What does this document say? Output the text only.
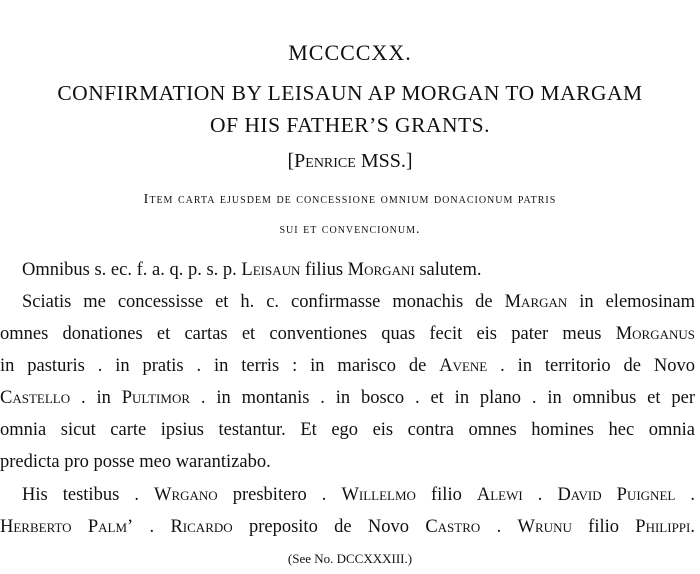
MCCCCXX.
CONFIRMATION BY LEISAUN AP MORGAN TO MARGAM
OF HIS FATHER’S GRANTS.
[Penrice MSS.]
Item carta ejusdem de concessione omnium donacionum patris
sui et convencionum.
Omnibus s. ec. f. a. q. p. s. p. Leisaun filius Morgani salutem.
Sciatis me concessisse et h. c. confirmasse monachis de Margan in elemosinam
omnes donationes et cartas et conventiones quas fecit eis pater meus Morganus
in pasturis . in pratis . in terris : in marisco de Avene . in territorio de Novo
Castello . in Pultimor . in montanis . in bosco . et in plano . in omnibus et per
omnia sicut carte ipsius testantur. Et ego eis contra omnes homines hec omnia
predicta pro posse meo warantizabo.
His testibus . Wrgano presbitero . Willelmo filio Alewi . David Puignel .
Herberto Palm’ . Ricardo preposito de Novo Castro . Wrunu filio Philippi.
(See No. DCCXXXIII.)
